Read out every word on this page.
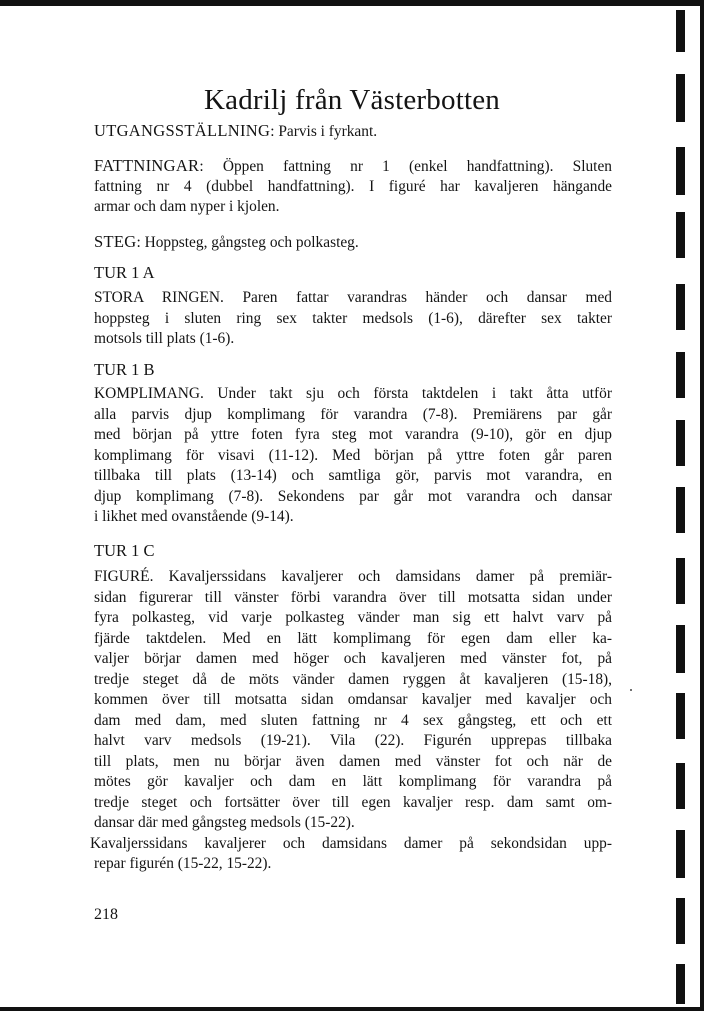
Kadrilj från Västerbotten
UTGANGSSTÄLLNING: Parvis i fyrkant.
FATTNINGAR: Öppen fattning nr 1 (enkel handfattning). Sluten
fattning nr 4 (dubbel handfattning). I figuré har kavaljeren hängande
armar och dam nyper i kjolen.
STEG: Hoppsteg, gångsteg och polkasteg.
TUR 1 A
STORA RINGEN. Paren fattar varandras händer och dansar med
hoppsteg i sluten ring sex takter medsols (1-6), därefter sex takter
motsols till plats (1-6).
TUR 1 B
KOMPLIMANG. Under takt sju och första taktdelen i takt åtta utför
alla parvis djup komplimang för varandra (7-8). Premiärens par går
med början på yttre foten fyra steg mot varandra (9-10), gör en djup
komplimang för visavi (11-12). Med början på yttre foten går paren
tillbaka till plats (13-14) och samtliga gör, parvis mot varandra, en
djup komplimang (7-8). Sekondens par går mot varandra och dansar
i likhet med ovanstående (9-14).
TUR 1 C
FIGURÉ. Kavaljerssidans kavaljerer och damsidans damer på premiär-
sidan figurerar till vänster förbi varandra över till motsatta sidan under
fyra polkasteg, vid varje polkasteg vänder man sig ett halvt varv på
fjärde taktdelen. Med en lätt komplimang för egen dam eller ka-
valjer börjar damen med höger och kavaljeren med vänster fot, på
tredje steget då de möts vänder damen ryggen åt kavaljeren (15-18),
kommen över till motsatta sidan omdansar kavaljer med kavaljer och
dam med dam, med sluten fattning nr 4 sex gångsteg, ett och ett
halvt varv medsols (19-21). Vila (22). Figurén upprepas tillbaka
till plats, men nu börjar även damen med vänster fot och när de
mötes gör kavaljer och dam en lätt komplimang för varandra på
tredje steget och fortsätter över till egen kavaljer resp. dam samt om-
dansar där med gångsteg medsols (15-22).
Kavaljerssidans kavaljerer och damsidans damer på sekondsidan upp-
repar figurén (15-22, 15-22).
218
